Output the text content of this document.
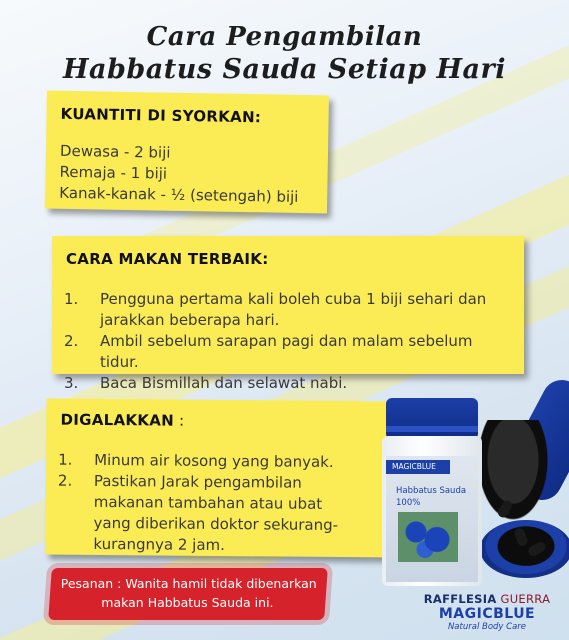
Cara Pengambilan
Habbatus Sauda Setiap Hari
KUANTITI DI SYORKAN:
Dewasa - 2 biji
Remaja - 1 biji
Kanak-kanak - ½ (setengah) biji
CARA MAKAN TERBAIK:
1. Pengguna pertama kali boleh cuba 1 biji sehari dan jarakkan beberapa hari.
2. Ambil sebelum sarapan pagi dan malam sebelum tidur.
3. Baca Bismillah dan selawat nabi.
DIGALAKKAN :
1. Minum air kosong yang banyak.
2. Pastikan Jarak pengambilan makanan tambahan atau ubat yang diberikan doktor sekurang-kurangnya 2 jam.
Pesanan : Wanita hamil tidak dibenarkan
makan Habbatus Sauda ini.
MAGICBLUE
Habbatus Sauda
100%
RAFFLESIA GUERRA
MAGICBLUE
Natural Body Care
